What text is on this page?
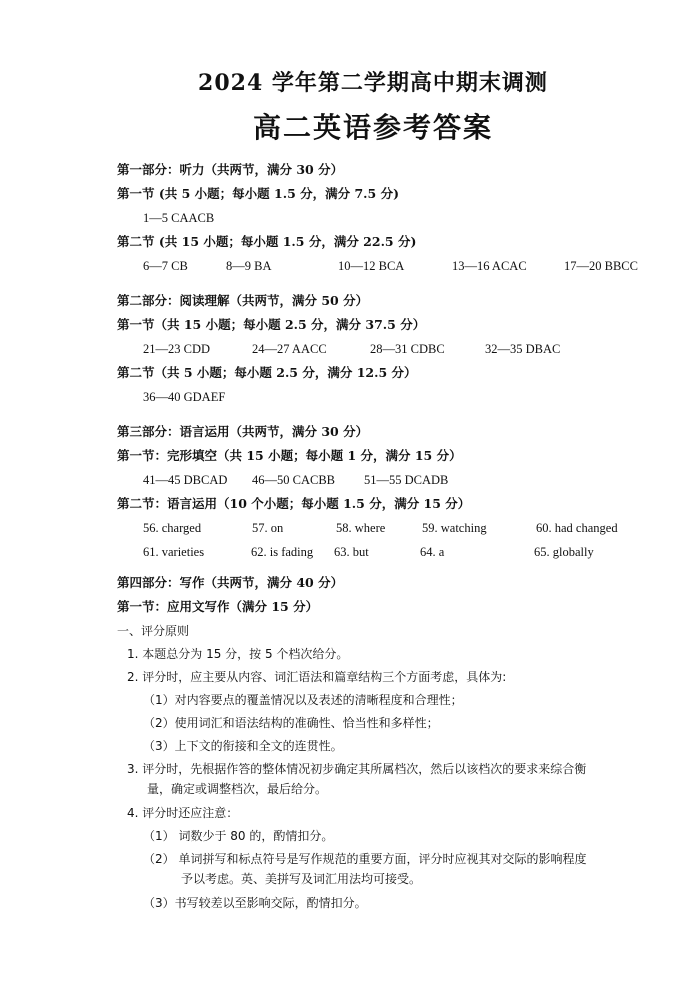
2024 学年第二学期高中期末调测
高二英语参考答案
第一部分：听力（共两节，满分 30 分）
第一节 (共 5 小题；每小题 1.5 分，满分 7.5 分)
1—5 CAACB
第二节 (共 15 小题；每小题 1.5 分，满分 22.5 分)
6—7 CB	8—9 BA	10—12 BCA	13—16 ACAC	17—20 BBCC
第二部分：阅读理解（共两节，满分 50 分）
第一节（共 15 小题；每小题 2.5 分，满分 37.5 分）
21—23 CDD	24—27 AACC	28—31 CDBC	32—35 DBAC
第二节（共 5 小题；每小题 2.5 分，满分 12.5 分）
36—40 GDAEF
第三部分：语言运用（共两节，满分 30 分）
第一节：完形填空（共 15 小题；每小题 1 分，满分 15 分）
41—45 DBCAD 46—50 CACBB 51—55 DCADB
第二节：语言运用（10 个小题；每小题 1.5 分，满分 15 分）
56. charged	57. on	58. where	59. watching	60. had changed
61. varieties	62. is fading 63. but	64. a	65. globally
第四部分：写作（共两节，满分 40 分）
第一节：应用文写作（满分 15 分）
一、评分原则
1. 本题总分为 15 分，按 5 个档次给分。
2. 评分时，应主要从内容、词汇语法和篇章结构三个方面考虑，具体为:
（1）对内容要点的覆盖情况以及表述的清晰程度和合理性；
（2）使用词汇和语法结构的准确性、恰当性和多样性；
（3）上下文的衔接和全文的连贯性。
3. 评分时，先根据作答的整体情况初步确定其所属档次，然后以该档次的要求来综合衡
量，确定或调整档次，最后给分。
4. 评分时还应注意：
（1） 词数少于 80 的，酌情扣分。
（2） 单词拼写和标点符号是写作规范的重要方面，评分时应视其对交际的影响程度
予以考虑。英、美拼写及词汇用法均可接受。
（3）书写较差以至影响交际，酌情扣分。
